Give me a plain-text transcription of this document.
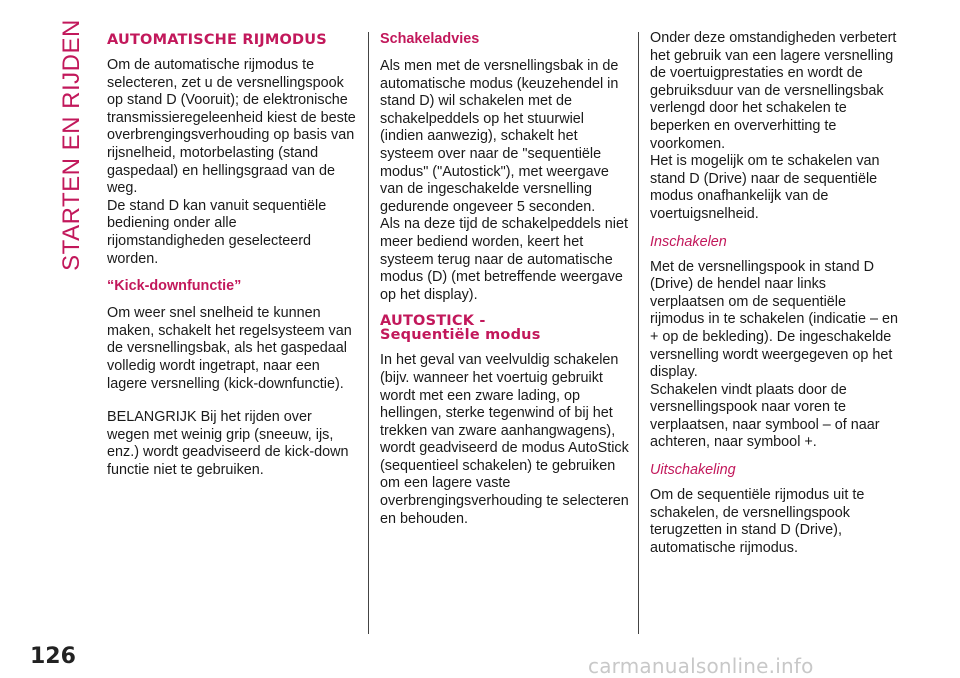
STARTEN EN RIJDEN AUTOMATISCHE RIJMODUS

Om de automatische rijmodus te selecteren, zet u de versnellingspook op stand D (Vooruit); de elektronische transmissieregeleenheid kiest de beste overbrengingsverhouding op basis van rijsnelheid, motorbelasting (stand gaspedaal) en hellingsgraad van de weg.

De stand D kan vanuit sequentiële bediening onder alle rijomstandigheden geselecteerd worden.

“Kick-downfunctie”

Om weer snel snelheid te kunnen maken, schakelt het regelsysteem van de versnellingsbak, als het gaspedaal volledig wordt ingetrapt, naar een lagere versnelling (kick-downfunctie).

BELANGRIJK Bij het rijden over wegen met weinig grip (sneeuw, ijs, enz.) wordt geadviseerd de kick-down functie niet te gebruiken.

Schakeladvies

Als men met de versnellingsbak in de automatische modus (keuzehendel in stand D) wil schakelen met de schakelpeddels op het stuurwiel (indien aanwezig), schakelt het systeem over naar de "sequentiële modus" ("Autostick"), met weergave van de ingeschakelde versnelling gedurende ongeveer 5 seconden.

Als na deze tijd de schakelpeddels niet meer bediend worden, keert het systeem terug naar de automatische modus (D) (met betreffende weergave op het display).

AUTOSTICK -
Sequentiële modus

In het geval van veelvuldig schakelen (bijv. wanneer het voertuig gebruikt wordt met een zware lading, op hellingen, sterke tegenwind of bij het trekken van zware aanhangwagens), wordt geadviseerd de modus AutoStick (sequentieel schakelen) te gebruiken om een lagere vaste overbrengingsverhouding te selecteren en behouden.

Onder deze omstandigheden verbetert het gebruik van een lagere versnelling de voertuigprestaties en wordt de gebruiksduur van de versnellingsbak verlengd door het schakelen te beperken en oververhitting te voorkomen.

Het is mogelijk om te schakelen van stand D (Drive) naar de sequentiële modus onafhankelijk van de voertuigsnelheid.

Inschakelen

Met de versnellingspook in stand D (Drive) de hendel naar links verplaatsen om de sequentiële rijmodus in te schakelen (indicatie – en + op de bekleding). De ingeschakelde versnelling wordt weergegeven op het display.

Schakelen vindt plaats door de versnellingspook naar voren te verplaatsen, naar symbool – of naar achteren, naar symbool +.

Uitschakeling

Om de sequentiële rijmodus uit te schakelen, de versnellingspook terugzetten in stand D (Drive), automatische rijmodus.

126	carmanualsonline.info
